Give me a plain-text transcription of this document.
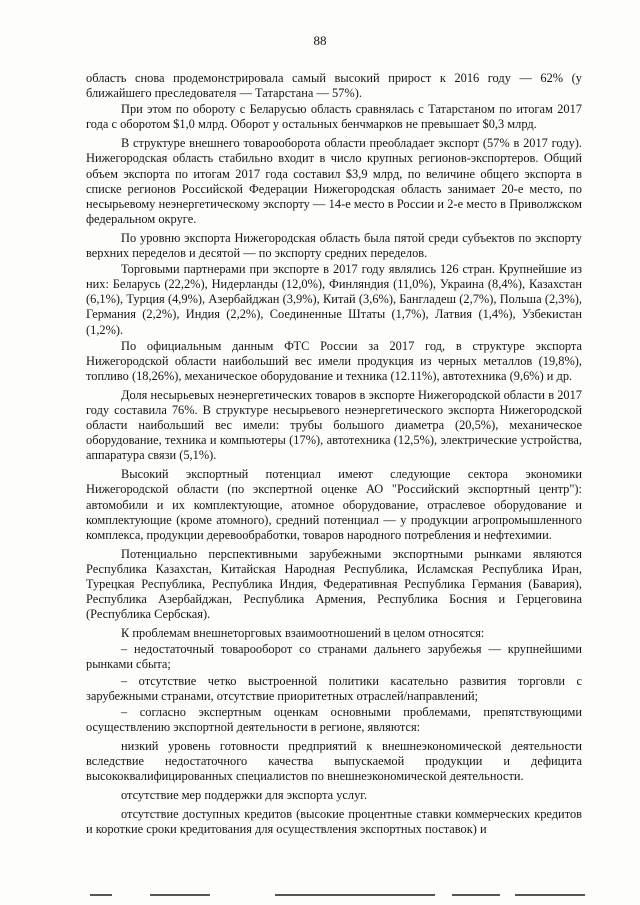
88

область снова продемонстрировала самый высокий прирост к 2016 году — 62% (у ближайшего преследователя — Татарстана — 57%).

При этом по обороту с Беларусью область сравнялась с Татарстаном по итогам 2017 года с оборотом $1,0 млрд. Оборот у остальных бенчмарков не превышает $0,3 млрд.

В структуре внешнего товарооборота области преобладает экспорт (57% в 2017 году). Нижегородская область стабильно входит в число крупных регионов-экспортеров. Общий объем экспорта по итогам 2017 года составил $3,9 млрд, по величине общего экспорта в списке регионов Российской Федерации Нижегородская область занимает 20-е место, по несырьевому неэнергетическому экспорту — 14-е место в России и 2-е место в Приволжском федеральном округе.

По уровню экспорта Нижегородская область была пятой среди субъектов по экспорту верхних переделов и десятой — по экспорту средних переделов.

Торговыми партнерами при экспорте в 2017 году являлись 126 стран. Крупнейшие из них: Беларусь (22,2%), Нидерланды (12,0%), Финляндия (11,0%), Украина (8,4%), Казахстан (6,1%), Турция (4,9%), Азербайджан (3,9%), Китай (3,6%), Бангладеш (2,7%), Польша (2,3%), Германия (2,2%), Индия (2,2%), Соединенные Штаты (1,7%), Латвия (1,4%), Узбекистан (1,2%).

По официальным данным ФТС России за 2017 год, в структуре экспорта Нижегородской области наибольший вес имели продукция из черных металлов (19,8%), топливо (18,26%), механическое оборудование и техника (12.11%), автотехника (9,6%) и др.

Доля несырьевых неэнергетических товаров в экспорте Нижегородской области в 2017 году составила 76%. В структуре несырьевого неэнергетического экспорта Нижегородской области наибольший вес имели: трубы большого диаметра (20,5%), механическое оборудование, техника и компьютеры (17%), автотехника (12,5%), электрические устройства, аппаратура связи (5,1%).

Высокий экспортный потенциал имеют следующие сектора экономики Нижегородской области (по экспертной оценке АО "Российский экспортный центр"): автомобили и их комплектующие, атомное оборудование, отраслевое оборудование и комплектующие (кроме атомного), средний потенциал — у продукции агропромышленного комплекса, продукции деревообработки, товаров народного потребления и нефтехимии.

Потенциально перспективными зарубежными экспортными рынками являются Республика Казахстан, Китайская Народная Республика, Исламская Республика Иран, Турецкая Республика, Республика Индия, Федеративная Республика Германия (Бавария), Республика Азербайджан, Республика Армения, Республика Босния и Герцеговина (Республика Сербская).

К проблемам внешнеторговых взаимоотношений в целом относятся:

– недостаточный товарооборот со странами дальнего зарубежья — крупнейшими рынками сбыта;

– отсутствие четко выстроенной политики касательно развития торговли с зарубежными странами, отсутствие приоритетных отраслей/направлений;

– согласно экспертным оценкам основными проблемами, препятствующими осуществлению экспортной деятельности в регионе, являются:

низкий уровень готовности предприятий к внешнеэкономической деятельности вследствие недостаточного качества выпускаемой продукции и дефицита высококвалифицированных специалистов по внешнеэкономической деятельности.

отсутствие мер поддержки для экспорта услуг.

отсутствие доступных кредитов (высокие процентные ставки коммерческих кредитов и короткие сроки кредитования для осуществления экспортных поставок) и
